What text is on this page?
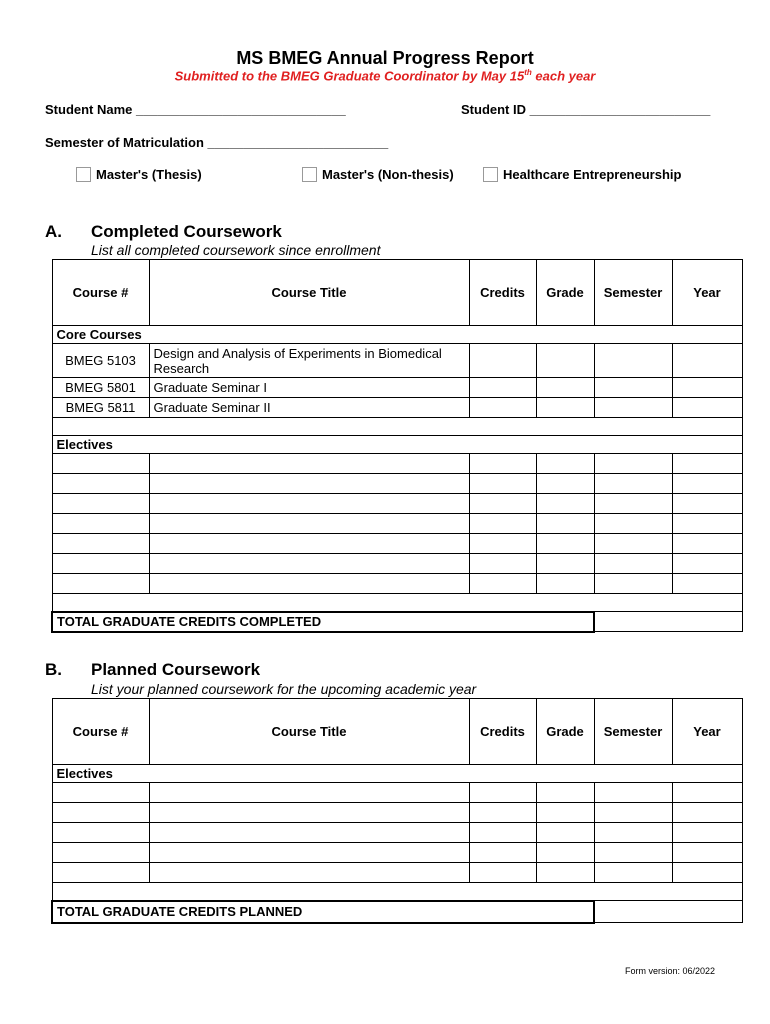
MS BMEG Annual Progress Report
Submitted to the BMEG Graduate Coordinator by May 15th each year
Student Name _____________________________	Student ID _________________________
Semester of Matriculation _________________________
Master's (Thesis)	Master's (Non-thesis)	Healthcare Entrepreneurship
A. Completed Coursework
List all completed coursework since enrollment
Course #	Course Title	Credits	Grade	Semester	Year
Core Courses					
BMEG 5103	Design and Analysis of Experiments in Biomedical Research				
BMEG 5801	Graduate Seminar I				
BMEG 5811	Graduate Seminar II				

Electives					

TOTAL GRADUATE CREDITS COMPLETED					
B. Planned Coursework
List your planned coursework for the upcoming academic year
Course #	Course Title	Credits	Grade	Semester	Year
Electives					

TOTAL GRADUATE CREDITS PLANNED					
Form version: 06/2022
